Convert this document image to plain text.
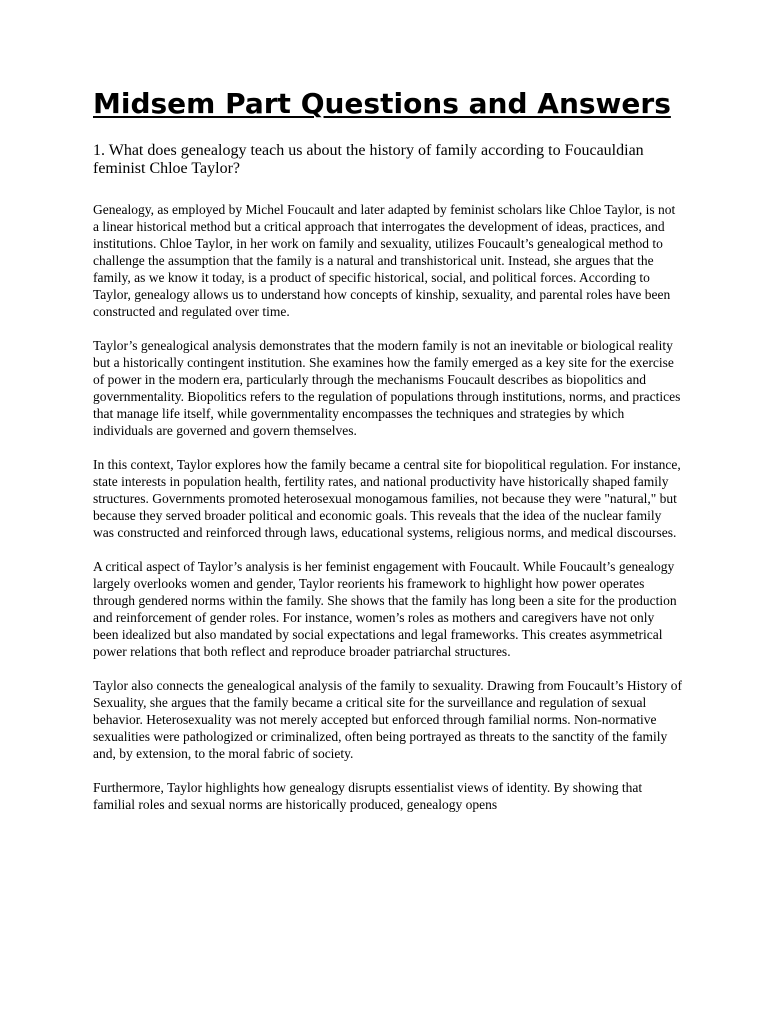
Midsem Part Questions and Answers

1. What does genealogy teach us about the history of family according to Foucauldian feminist Chloe Taylor?

Genealogy, as employed by Michel Foucault and later adapted by feminist scholars like Chloe Taylor, is not a linear historical method but a critical approach that interrogates the development of ideas, practices, and institutions. Chloe Taylor, in her work on family and sexuality, utilizes Foucault’s genealogical method to challenge the assumption that the family is a natural and transhistorical unit. Instead, she argues that the family, as we know it today, is a product of specific historical, social, and political forces. According to Taylor, genealogy allows us to understand how concepts of kinship, sexuality, and parental roles have been constructed and regulated over time.

Taylor’s genealogical analysis demonstrates that the modern family is not an inevitable or biological reality but a historically contingent institution. She examines how the family emerged as a key site for the exercise of power in the modern era, particularly through the mechanisms Foucault describes as biopolitics and governmentality. Biopolitics refers to the regulation of populations through institutions, norms, and practices that manage life itself, while governmentality encompasses the techniques and strategies by which individuals are governed and govern themselves.

In this context, Taylor explores how the family became a central site for biopolitical regulation. For instance, state interests in population health, fertility rates, and national productivity have historically shaped family structures. Governments promoted heterosexual monogamous families, not because they were "natural," but because they served broader political and economic goals. This reveals that the idea of the nuclear family was constructed and reinforced through laws, educational systems, religious norms, and medical discourses.

A critical aspect of Taylor’s analysis is her feminist engagement with Foucault. While Foucault’s genealogy largely overlooks women and gender, Taylor reorients his framework to highlight how power operates through gendered norms within the family. She shows that the family has long been a site for the production and reinforcement of gender roles. For instance, women’s roles as mothers and caregivers have not only been idealized but also mandated by social expectations and legal frameworks. This creates asymmetrical power relations that both reflect and reproduce broader patriarchal structures.

Taylor also connects the genealogical analysis of the family to sexuality. Drawing from Foucault’s History of Sexuality, she argues that the family became a critical site for the surveillance and regulation of sexual behavior. Heterosexuality was not merely accepted but enforced through familial norms. Non-normative sexualities were pathologized or criminalized, often being portrayed as threats to the sanctity of the family and, by extension, to the moral fabric of society.

Furthermore, Taylor highlights how genealogy disrupts essentialist views of identity. By showing that familial roles and sexual norms are historically produced, genealogy opens
